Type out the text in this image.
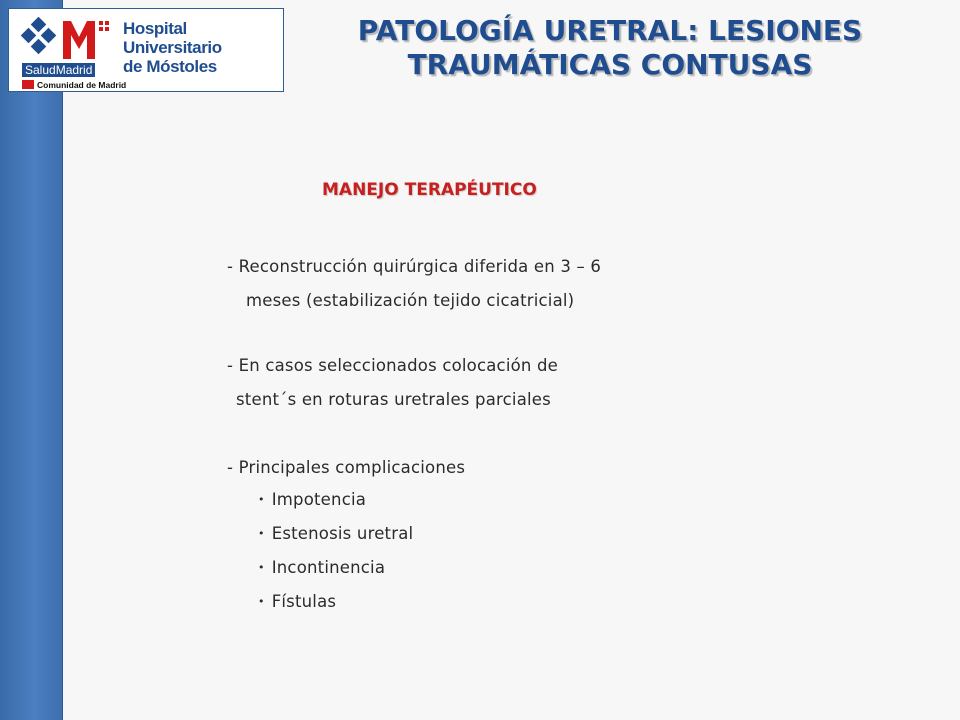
Hospital Universitario
de Móstoles
SaludMadrid
Comunidad de Madrid
PATOLOGÍA URETRAL: LESIONES
TRAUMÁTICAS CONTUSAS
MANEJO TERAPÉUTICO
- Reconstrucción quirúrgica diferida en 3 – 6
meses (estabilización tejido cicatricial)
- En casos seleccionados colocación de
stent´s en roturas uretrales parciales
- Principales complicaciones
• Impotencia
• Estenosis uretral
• Incontinencia
• Fístulas
